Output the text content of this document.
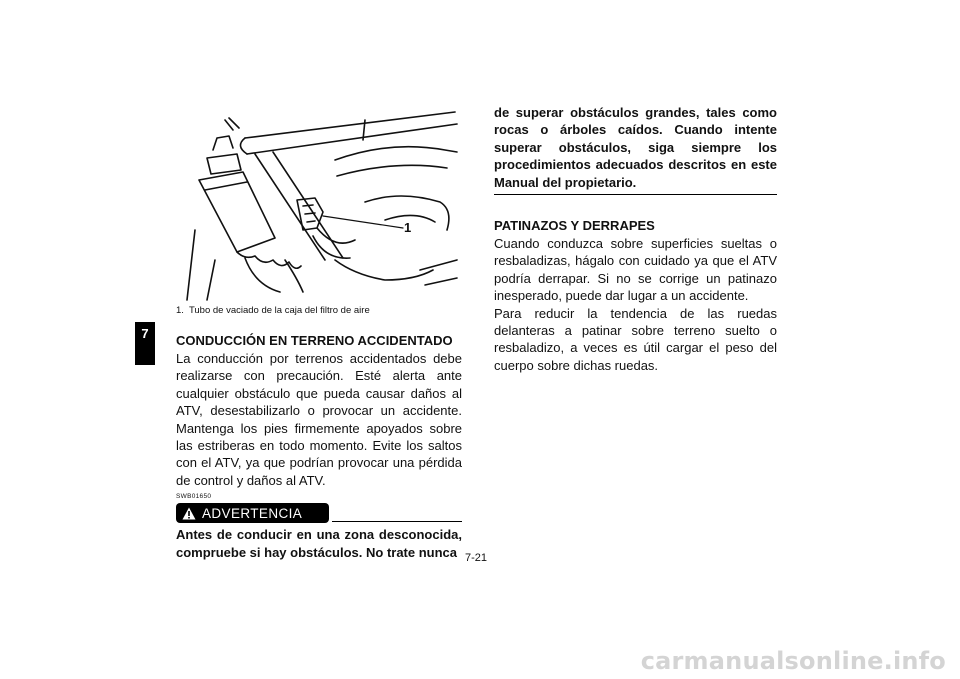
7
1
1. Tubo de vaciado de la caja del filtro de aire
CONDUCCIÓN EN TERRENO ACCIDENTADO
La conducción por terrenos accidentados debe realizarse con precaución. Esté alerta ante cualquier obstáculo que pueda causar daños al ATV, desestabilizarlo o provocar un accidente. Mantenga los pies firmemente apoyados sobre las estriberas en todo momento. Evite los saltos con el ATV, ya que podrían provocar una pérdida de control y daños al ATV.
SWB01650
ADVERTENCIA
Antes de conducir en una zona desconocida, compruebe si hay obstáculos. No trate nunca
de superar obstáculos grandes, tales como rocas o árboles caídos. Cuando intente superar obstáculos, siga siempre los procedimientos adecuados descritos en este Manual del propietario.
PATINAZOS Y DERRAPES
Cuando conduzca sobre superficies sueltas o resbaladizas, hágalo con cuidado ya que el ATV podría derrapar. Si no se corrige un patinazo inesperado, puede dar lugar a un accidente.
Para reducir la tendencia de las ruedas delanteras a patinar sobre terreno suelto o resbaladizo, a veces es útil cargar el peso del cuerpo sobre dichas ruedas.
7-21
carmanualsonline.info
